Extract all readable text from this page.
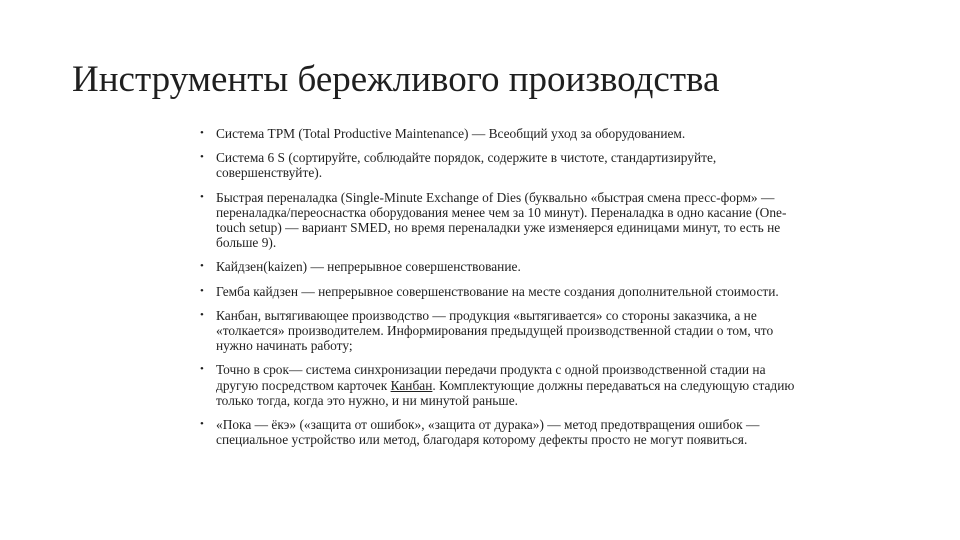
Инструменты бережливого производства
• Система TPM (Total Productive Maintenance) — Всеобщий уход за оборудованием.
• Система 6 S (сортируйте, соблюдайте порядок, содержите в чистоте, стандартизируйте, совершенствуйте).
• Быстрая переналадка (Single-Minute Exchange of Dies (буквально «быстрая смена пресс-форм» — переналадка/переоснастка оборудования менее чем за 10 минут). Переналадка в одно касание (One-touch setup) — вариант SMED, но время переналадки уже изменяерся единицами минут, то есть не больше 9).
• Кайдзен(kaizen) — непрерывное совершенствование.
• Гемба кайдзен — непрерывное совершенствование на месте создания дополнительной стоимости.
• Канбан, вытягивающее производство — продукция «вытягивается» со стороны заказчика, а не «толкается» производителем. Информирования предыдущей производственной стадии о том, что нужно начинать работу;
• Точно в срок— система синхронизации передачи продукта с одной производственной стадии на другую посредством карточек Канбан. Комплектующие должны передаваться на следующую стадию только тогда, когда это нужно, и ни минутой раньше.
• «Пока — ёкэ» («защита от ошибок», «защита от дурака») — метод предотвращения ошибок — специальное устройство или метод, благодаря которому дефекты просто не могут появиться.
